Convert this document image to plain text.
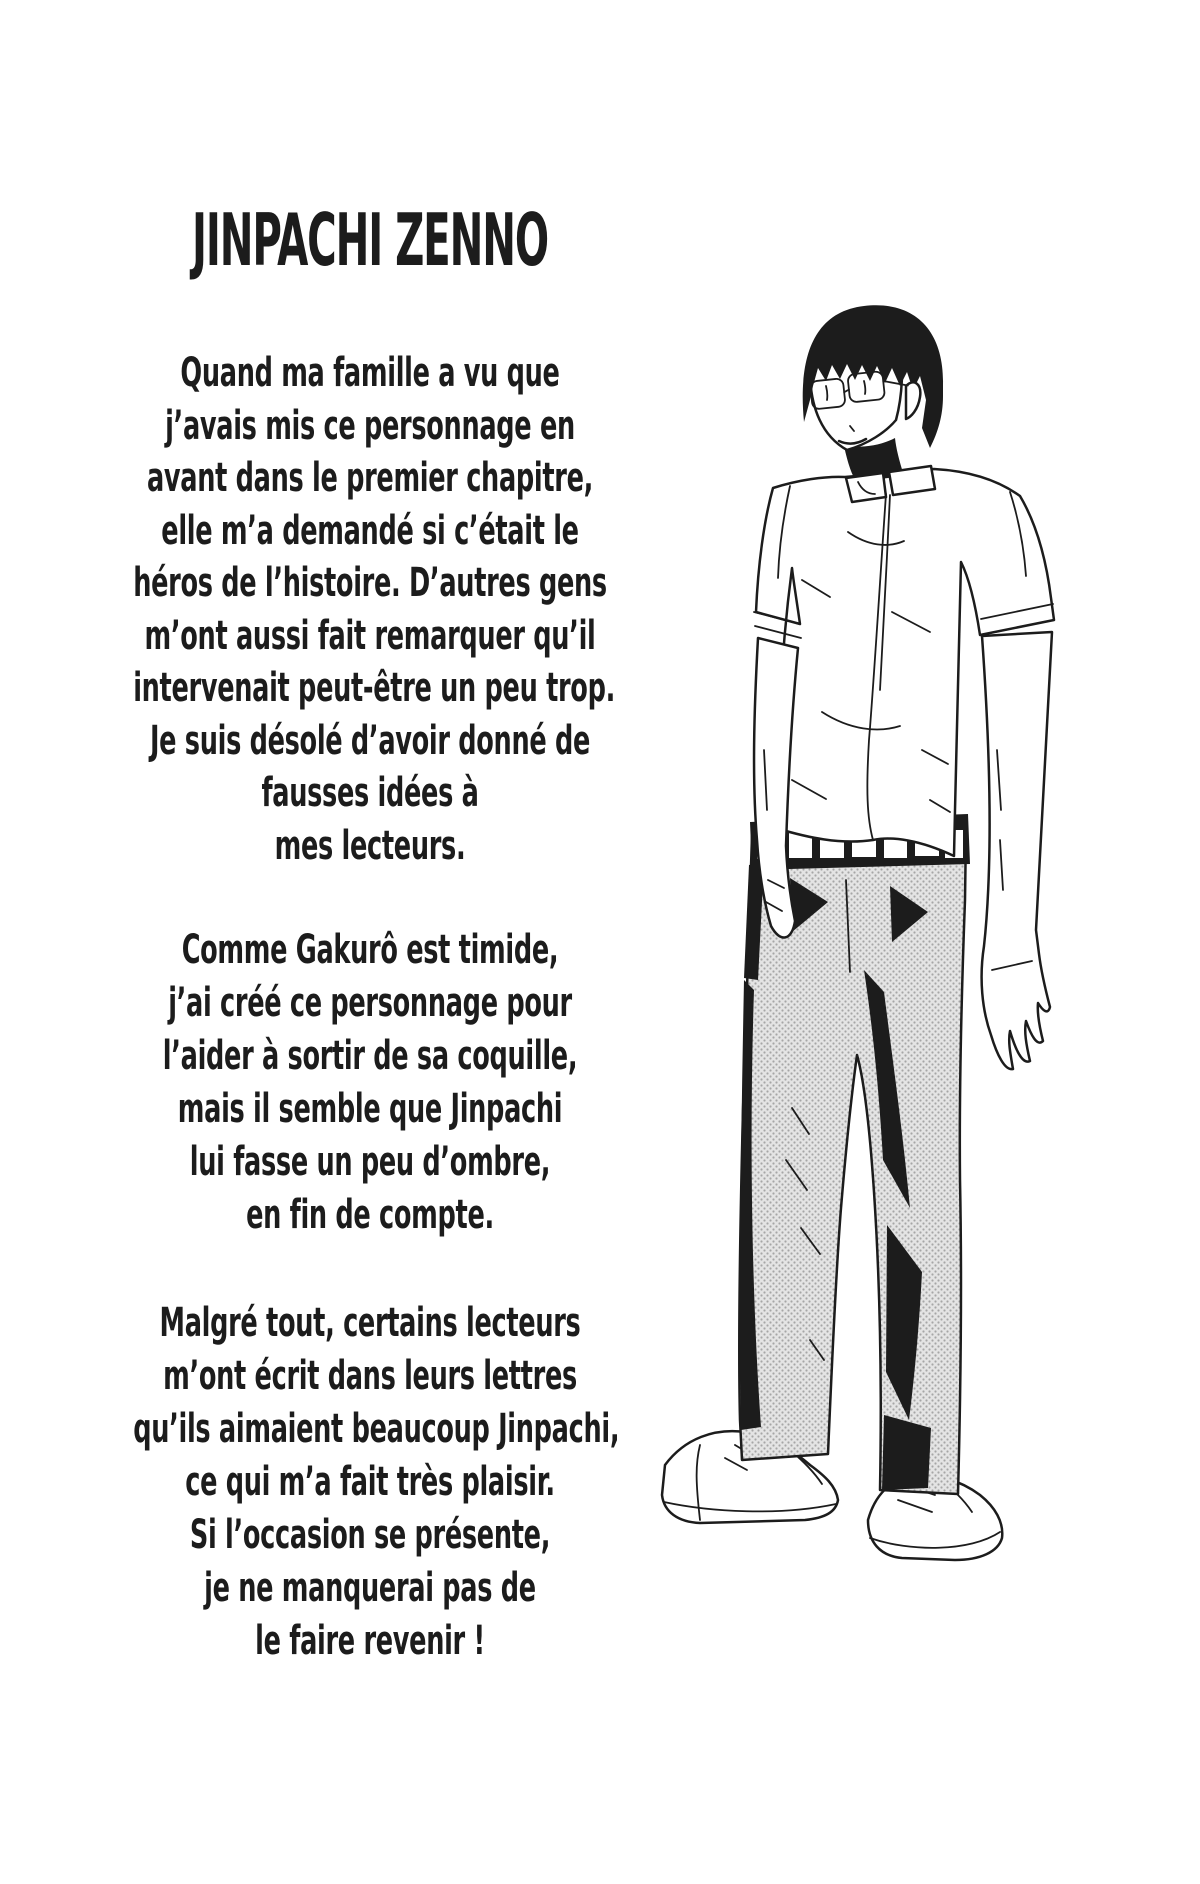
JINPACHI ZENNO
Quand ma famille a vu que
j’avais mis ce personnage en
avant dans le premier chapitre,
elle m’a demandé si c’était le
héros de l’histoire. D’autres gens
m’ont aussi fait remarquer qu’il
intervenait peut-être un peu trop.
Je suis désolé d’avoir donné de
fausses idées à
mes lecteurs.
Comme Gakurô est timide,
j’ai créé ce personnage pour
l’aider à sortir de sa coquille,
mais il semble que Jinpachi
lui fasse un peu d’ombre,
en fin de compte.
Malgré tout, certains lecteurs
m’ont écrit dans leurs lettres
qu’ils aimaient beaucoup Jinpachi,
ce qui m’a fait très plaisir.
Si l’occasion se présente,
je ne manquerai pas de
le faire revenir !
